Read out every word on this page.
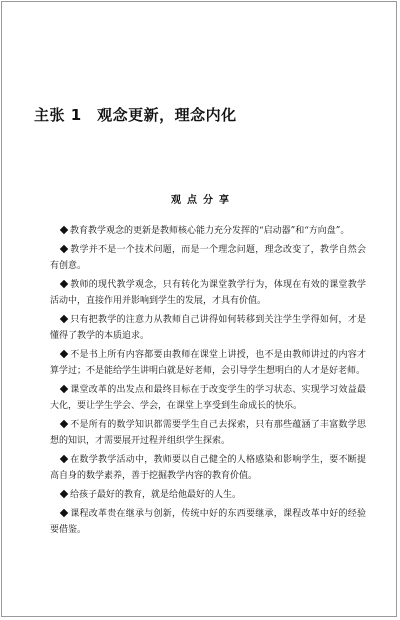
主张 1　观念更新，理念内化
观点分享
教育教学观念的更新是教师核心能力充分发挥的“启动器”和“方向盘”。
教学并不是一个技术问题，而是一个理念问题，理念改变了，教学自然会有创意。
教师的现代教学观念，只有转化为课堂教学行为，体现在有效的课堂教学活动中，直接作用并影响到学生的发展，才具有价值。
只有把教学的注意力从教师自己讲得如何转移到关注学生学得如何，才是懂得了教学的本质追求。
不是书上所有内容都要由教师在课堂上讲授，也不是由教师讲过的内容才算学过；不是能给学生讲明白就是好老师，会引导学生想明白的人才是好老师。
课堂改革的出发点和最终目标在于改变学生的学习状态、实现学习效益最大化，要让学生学会、学会，在课堂上享受到生命成长的快乐。
不是所有的数学知识都需要学生自己去探索，只有那些蕴涵了丰富数学思想的知识，才需要展开过程并组织学生探索。
在数学教学活动中，教师要以自己健全的人格感染和影响学生，要不断提高自身的数学素养，善于挖掘教学内容的教育价值。
给孩子最好的教育，就是给他最好的人生。
课程改革贵在继承与创新，传统中好的东西要继承，课程改革中好的经验要借鉴。
